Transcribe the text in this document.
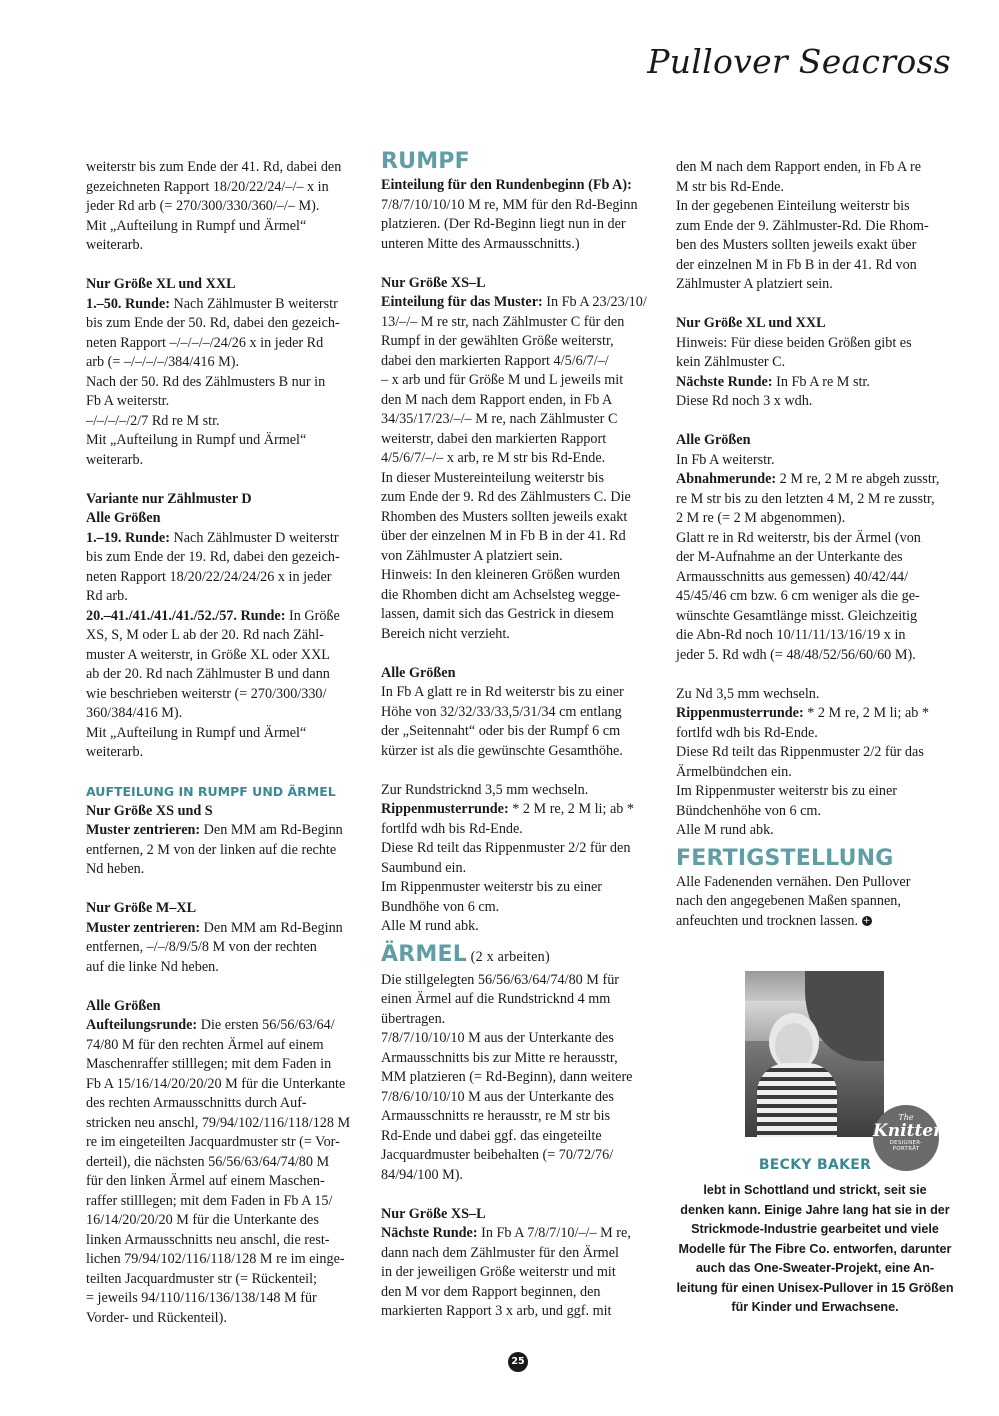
Pullover Seacross

weiterstr bis zum Ende der 41. Rd, dabei den

gezeichneten Rapport 18/20/22/24/–/– x in

jeder Rd arb (= 270/300/330/360/–/– M).

Mit „Aufteilung in Rumpf und Ärmel“

weiterarb.

Nur Größe XL und XXL

1.–50. Runde: Nach Zählmuster B weiterstr

bis zum Ende der 50. Rd, dabei den gezeich-

neten Rapport –/–/–/–/24/26 x in jeder Rd

arb (= –/–/–/–/384/416 M).

Nach der 50. Rd des Zählmusters B nur in

Fb A weiterstr.

–/–/–/–/2/7 Rd re M str.

Mit „Aufteilung in Rumpf und Ärmel“

weiterarb.

Variante nur Zählmuster D

Alle Größen

1.–19. Runde: Nach Zählmuster D weiterstr

bis zum Ende der 19. Rd, dabei den gezeich-

neten Rapport 18/20/22/24/24/26 x in jeder

Rd arb.

20.–41./41./41./41./52./57. Runde: In Größe

XS, S, M oder L ab der 20. Rd nach Zähl-

muster A weiterstr, in Größe XL oder XXL

ab der 20. Rd nach Zählmuster B und dann

wie beschrieben weiterstr (= 270/300/330/

360/384/416 M).

Mit „Aufteilung in Rumpf und Ärmel“

weiterarb.

AUFTEILUNG IN RUMPF UND ÄRMEL

Nur Größe XS und S

Muster zentrieren: Den MM am Rd-Beginn

entfernen, 2 M von der linken auf die rechte

Nd heben.

Nur Größe M–XL

Muster zentrieren: Den MM am Rd-Beginn

entfernen, –/–/8/9/5/8 M von der rechten

auf die linke Nd heben.

Alle Größen

Aufteilungsrunde: Die ersten 56/56/63/64/

74/80 M für den rechten Ärmel auf einem

Maschenraffer stilllegen; mit dem Faden in

Fb A 15/16/14/20/20/20 M für die Unterkante

des rechten Armausschnitts durch Auf-

stricken neu anschl, 79/94/102/116/118/128 M

re im eingeteilten Jacquardmuster str (= Vor-

derteil), die nächsten 56/56/63/64/74/80 M

für den linken Ärmel auf einem Maschen-

raffer stilllegen; mit dem Faden in Fb A 15/

16/14/20/20/20 M für die Unterkante des

linken Armausschnitts neu anschl, die rest-

lichen 79/94/102/116/118/128 M re im einge-

teilten Jacquardmuster str (= Rückenteil;

= jeweils 94/110/116/136/138/148 M für

Vorder- und Rückenteil).

RUMPF

Einteilung für den Rundenbeginn (Fb A):

7/8/7/10/10/10 M re, MM für den Rd-Beginn

platzieren. (Der Rd-Beginn liegt nun in der

unteren Mitte des Armausschnitts.)

Nur Größe XS–L

Einteilung für das Muster: In Fb A 23/23/10/

13/–/– M re str, nach Zählmuster C für den

Rumpf in der gewählten Größe weiterstr,

dabei den markierten Rapport 4/5/6/7/–/

– x arb und für Größe M und L jeweils mit

den M nach dem Rapport enden, in Fb A

34/35/17/23/–/– M re, nach Zählmuster C

weiterstr, dabei den markierten Rapport

4/5/6/7/–/– x arb, re M str bis Rd-Ende.

In dieser Mustereinteilung weiterstr bis

zum Ende der 9. Rd des Zählmusters C. Die

Rhomben des Musters sollten jeweils exakt

über der einzelnen M in Fb B in der 41. Rd

von Zählmuster A platziert sein.

Hinweis: In den kleineren Größen wurden

die Rhomben dicht am Achselsteg wegge-

lassen, damit sich das Gestrick in diesem

Bereich nicht verzieht.

Alle Größen

In Fb A glatt re in Rd weiterstr bis zu einer

Höhe von 32/32/33/33,5/31/34 cm entlang

der „Seitennaht“ oder bis der Rumpf 6 cm

kürzer ist als die gewünschte Gesamthöhe.

Zur Rundstricknd 3,5 mm wechseln.

Rippenmusterrunde: * 2 M re, 2 M li; ab *

fortlfd wdh bis Rd-Ende.

Diese Rd teilt das Rippenmuster 2/2 für den

Saumbund ein.

Im Rippenmuster weiterstr bis zu einer

Bundhöhe von 6 cm.

Alle M rund abk.

ÄRMEL (2 x arbeiten)

Die stillgelegten 56/56/63/64/74/80 M für

einen Ärmel auf die Rundstricknd 4 mm

übertragen.

7/8/7/10/10/10 M aus der Unterkante des

Armausschnitts bis zur Mitte re herausstr,

MM platzieren (= Rd-Beginn), dann weitere

7/8/6/10/10/10 M aus der Unterkante des

Armausschnitts re herausstr, re M str bis

Rd-Ende und dabei ggf. das eingeteilte

Jacquardmuster beibehalten (= 70/72/76/

84/94/100 M).

Nur Größe XS–L

Nächste Runde: In Fb A 7/8/7/10/–/– M re,

dann nach dem Zählmuster für den Ärmel

in der jeweiligen Größe weiterstr und mit

den M vor dem Rapport beginnen, den

markierten Rapport 3 x arb, und ggf. mit

den M nach dem Rapport enden, in Fb A re

M str bis Rd-Ende.

In der gegebenen Einteilung weiterstr bis

zum Ende der 9. Zählmuster-Rd. Die Rhom-

ben des Musters sollten jeweils exakt über

der einzelnen M in Fb B in der 41. Rd von

Zählmuster A platziert sein.

Nur Größe XL und XXL

Hinweis: Für diese beiden Größen gibt es

kein Zählmuster C.

Nächste Runde: In Fb A re M str.

Diese Rd noch 3 x wdh.

Alle Größen

In Fb A weiterstr.

Abnahmerunde: 2 M re, 2 M re abgeh zusstr,

re M str bis zu den letzten 4 M, 2 M re zusstr,

2 M re (= 2 M abgenommen).

Glatt re in Rd weiterstr, bis der Ärmel (von

der M-Aufnahme an der Unterkante des

Armausschnitts aus gemessen) 40/42/44/

45/45/46 cm bzw. 6 cm weniger als die ge-

wünschte Gesamtlänge misst. Gleichzeitig

die Abn-Rd noch 10/11/11/13/16/19 x in

jeder 5. Rd wdh (= 48/48/52/56/60/60 M).

Zu Nd 3,5 mm wechseln.

Rippenmusterrunde: * 2 M re, 2 M li; ab *

fortlfd wdh bis Rd-Ende.

Diese Rd teilt das Rippenmuster 2/2 für das

Ärmelbündchen ein.

Im Rippenmuster weiterstr bis zu einer

Bündchenhöhe von 6 cm.

Alle M rund abk.

FERTIGSTELLUNG

Alle Fadenenden vernähen. Den Pullover

nach den angegebenen Maßen spannen,

anfeuchten und trocknen lassen. +

The
Knitter
DESIGNER-
PORTRÄT
BECKY BAKER
lebt in Schottland und strickt, seit sie
denken kann. Einige Jahre lang hat sie in der
Strickmode-Industrie gearbeitet und viele
Modelle für The Fibre Co. entworfen, darunter
auch das One-Sweater-Projekt, eine An-
leitung für einen Unisex-Pullover in 15 Größen
für Kinder und Erwachsene.
25
